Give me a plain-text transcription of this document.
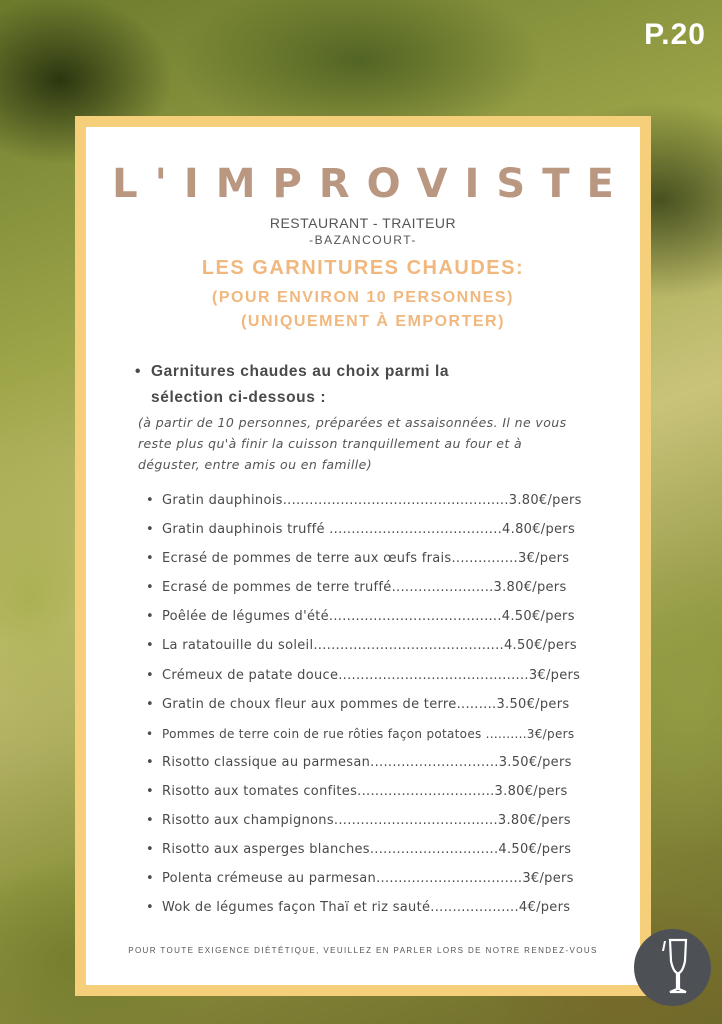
P.20
L'IMPROVISTE
RESTAURANT - TRAITEUR
-BAZANCOURT-
LES GARNITURES CHAUDES:
(POUR ENVIRON 10 PERSONNES)
(UNIQUEMENT À EMPORTER)
• Garnitures chaudes au choix parmi la sélection ci-dessous :
(à partir de 10 personnes, préparées et assaisonnées. Il ne vous reste plus qu'à finir la cuisson tranquillement au four et à déguster, entre amis ou en famille)
• Gratin dauphinois...................................................3.80€/pers
• Gratin dauphinois truffé .......................................4.80€/pers
• Ecrasé de pommes de terre aux œufs frais...............3€/pers
• Ecrasé de pommes de terre truffé.......................3.80€/pers
• Poêlée de légumes d'été.......................................4.50€/pers
• La ratatouille du soleil...........................................4.50€/pers
• Crémeux de patate douce...........................................3€/pers
• Gratin de choux fleur aux pommes de terre.........3.50€/pers
• Pommes de terre coin de rue rôties façon potatoes ..........3€/pers
• Risotto classique au parmesan.............................3.50€/pers
• Risotto aux tomates confites...............................3.80€/pers
• Risotto aux champignons.....................................3.80€/pers
• Risotto aux asperges blanches.............................4.50€/pers
• Polenta crémeuse au parmesan.................................3€/pers
• Wok de légumes façon Thaï et riz sauté....................4€/pers
POUR TOUTE EXIGENCE DIÉTÉTIQUE, VEUILLEZ EN PARLER LORS DE NOTRE RENDEZ-VOUS
